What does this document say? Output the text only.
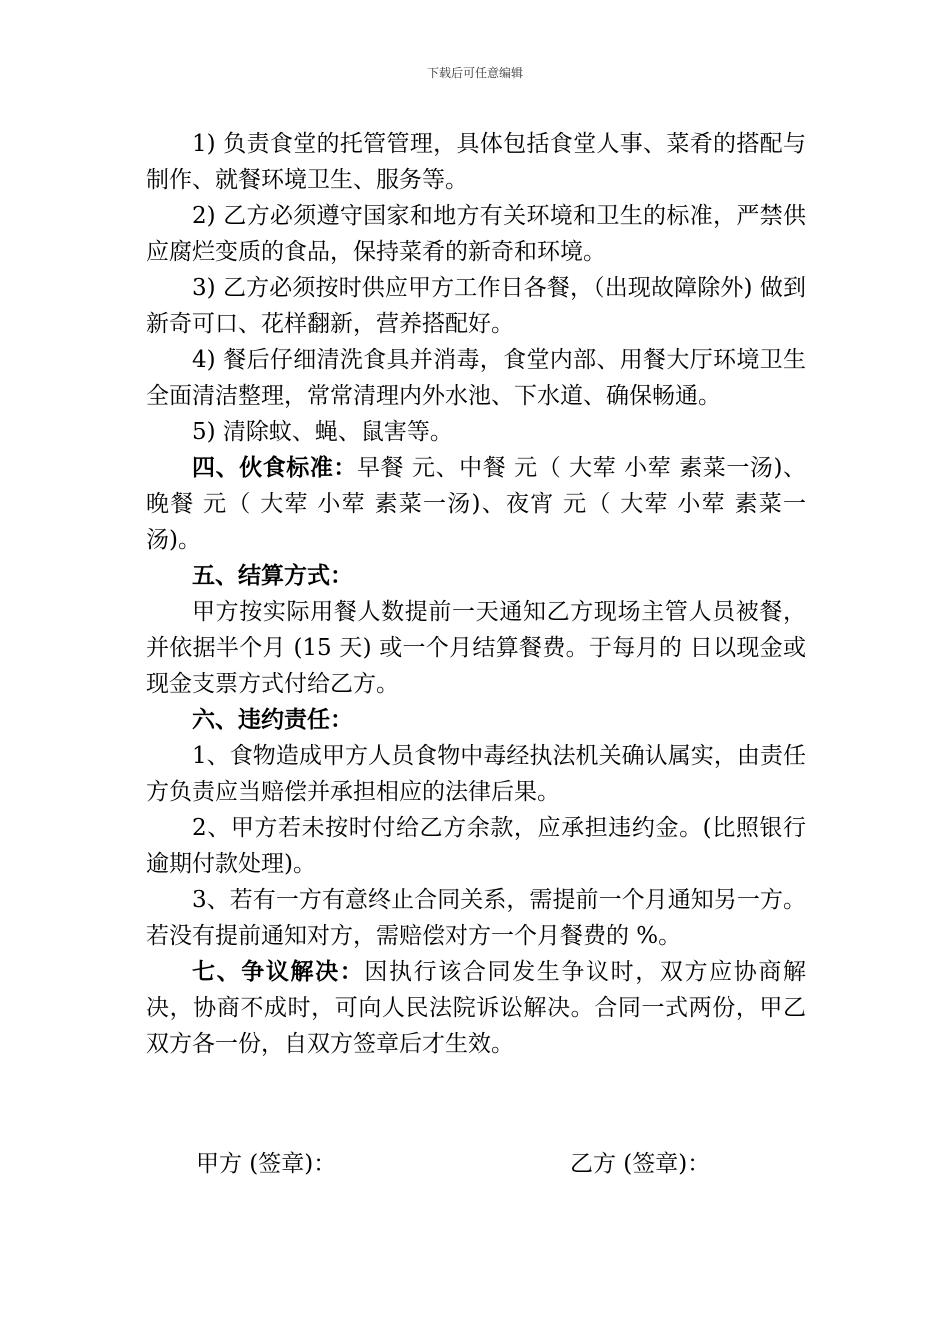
下载后可任意编辑

1) 负责食堂的托管管理，具体包括食堂人事、菜肴的搭配与制作、就餐环境卫生、服务等。

2) 乙方必须遵守国家和地方有关环境和卫生的标准，严禁供应腐烂变质的食品，保持菜肴的新奇和环境。

3) 乙方必须按时供应甲方工作日各餐，（出现故障除外) 做到新奇可口、花样翻新，营养搭配好。

4) 餐后仔细清洗食具并消毒，食堂内部、用餐大厅环境卫生全面清洁整理，常常清理内外水池、下水道、确保畅通。

5) 清除蚊、蝇、鼠害等。

四、伙食标准：早餐 元、中餐 元（ 大荤 小荤 素菜一汤)、晚餐 元（ 大荤 小荤 素菜一汤)、夜宵 元（ 大荤 小荤 素菜一汤)。

五、结算方式：

甲方按实际用餐人数提前一天通知乙方现场主管人员被餐，并依据半个月 (15 天) 或一个月结算餐费。于每月的 日以现金或现金支票方式付给乙方。

六、违约责任：

1、食物造成甲方人员食物中毒经执法机关确认属实，由责任方负责应当赔偿并承担相应的法律后果。

2、甲方若未按时付给乙方余款，应承担违约金。(比照银行逾期付款处理)。

3、若有一方有意终止合同关系，需提前一个月通知另一方。若没有提前通知对方，需赔偿对方一个月餐费的 %。

七、争议解决：因执行该合同发生争议时，双方应协商解决，协商不成时，可向人民法院诉讼解决。合同一式两份，甲乙双方各一份，自双方签章后才生效。

甲方 (签章)：	乙方 (签章)：
